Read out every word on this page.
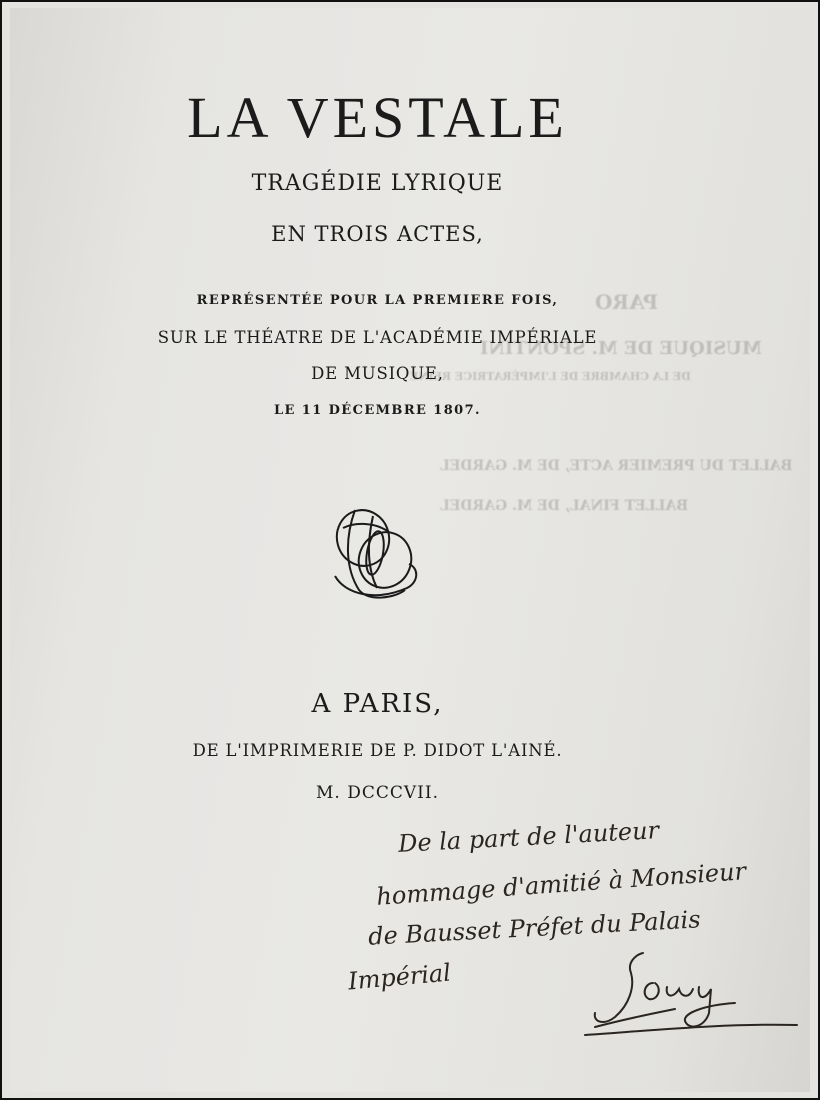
PARO
MUSIQUE DE M. SPONTINI
DE LA CHAMBRE DE L'IMPÉRATRICE REINE
BALLET DU PREMIER ACTE, DE M. GARDEL
BALLET FINAL, DE M. GARDEL
LA VESTALE
TRAGÉDIE LYRIQUE
EN TROIS ACTES,
REPRÉSENTÉE POUR LA PREMIERE FOIS,
SUR LE THÉATRE DE L'ACADÉMIE IMPÉRIALE
DE MUSIQUE,
LE 11 DÉCEMBRE 1807.
A PARIS,
DE L'IMPRIMERIE DE P. DIDOT L'AINÉ.
M. DCCCVII.
De la part de l'auteur
hommage d'amitié à Monsieur
de Bausset Préfet du Palais
Impérial
